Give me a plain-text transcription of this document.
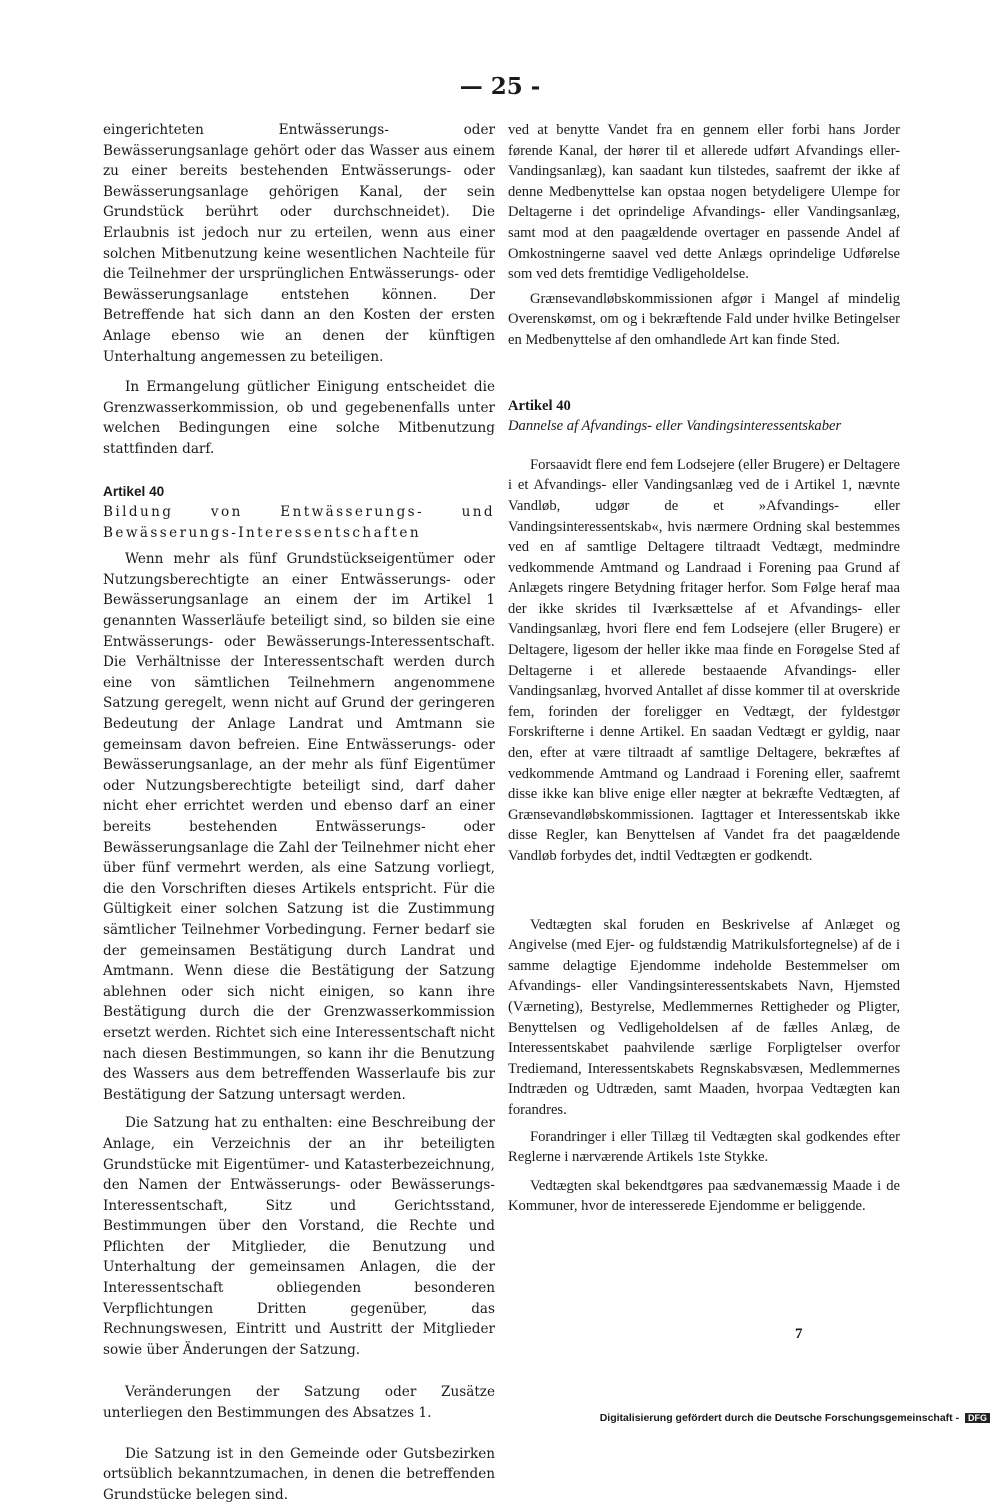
— 25 -

eingerichteten Entwässerungs- oder Bewässerungsanlage gehört oder das Wasser aus einem zu einer bereits bestehenden Entwässerungs- oder Bewässerungsanlage gehörigen Kanal, der sein Grundstück berührt oder durchschneidet). Die Erlaubnis ist jedoch nur zu erteilen, wenn aus einer solchen Mitbenutzung keine wesentlichen Nachteile für die Teilnehmer der ursprünglichen Entwässerungs- oder Bewässerungsanlage entstehen können. Der Betreffende hat sich dann an den Kosten der ersten Anlage ebenso wie an denen der künftigen Unterhaltung angemessen zu beteiligen.

In Ermangelung gütlicher Einigung entscheidet die Grenzwasserkommission, ob und gegebenenfalls unter welchen Bedingungen eine solche Mitbenutzung stattfinden darf.

Artikel 40

Bildung von Entwässerungs- und Bewässerungs-Interessentschaften

Wenn mehr als fünf Grundstückseigentümer oder Nutzungsberechtigte an einer Entwässerungs- oder Bewässerungsanlage an einem der im Artikel 1 genannten Wasserläufe beteiligt sind, so bilden sie eine Entwässerungs- oder Bewässerungs-Interessentschaft. Die Verhältnisse der Interessentschaft werden durch eine von sämtlichen Teilnehmern angenommene Satzung geregelt, wenn nicht auf Grund der geringeren Bedeutung der Anlage Landrat und Amtmann sie gemeinsam davon befreien. Eine Entwässerungs- oder Bewässerungsanlage, an der mehr als fünf Eigentümer oder Nutzungsberechtigte beteiligt sind, darf daher nicht eher errichtet werden und ebenso darf an einer bereits bestehenden Entwässerungs- oder Bewässerungsanlage die Zahl der Teilnehmer nicht eher über fünf vermehrt werden, als eine Satzung vorliegt, die den Vorschriften dieses Artikels entspricht. Für die Gültigkeit einer solchen Satzung ist die Zustimmung sämtlicher Teilnehmer Vorbedingung. Ferner bedarf sie der gemeinsamen Bestätigung durch Landrat und Amtmann. Wenn diese die Bestätigung der Satzung ablehnen oder sich nicht einigen, so kann ihre Bestätigung durch die der Grenzwasserkommission ersetzt werden. Richtet sich eine Interessentschaft nicht nach diesen Bestimmungen, so kann ihr die Benutzung des Wassers aus dem betreffenden Wasserlaufe bis zur Bestätigung der Satzung untersagt werden.

Die Satzung hat zu enthalten: eine Beschreibung der Anlage, ein Verzeichnis der an ihr beteiligten Grundstücke mit Eigentümer- und Katasterbezeichnung, den Namen der Entwässerungs- oder Bewässerungs-Interessentschaft, Sitz und Gerichtsstand, Bestimmungen über den Vorstand, die Rechte und Pflichten der Mitglieder, die Benutzung und Unterhaltung der gemeinsamen Anlagen, die der Interessentschaft obliegenden besonderen Verpflichtungen Dritten gegenüber, das Rechnungswesen, Eintritt und Austritt der Mitglieder sowie über Änderungen der Satzung.

Veränderungen der Satzung oder Zusätze unterliegen den Bestimmungen des Absatzes 1.

Die Satzung ist in den Gemeinde oder Gutsbezirken ortsüblich bekanntzumachen, in denen die betreffenden Grundstücke belegen sind.

ved at benytte Vandet fra en gennem eller forbi hans Jorder førende Kanal, der hører til et allerede udført Afvandings eller- Vandingsanlæg), kan saadant kun tilstedes, saafremt der ikke af denne Medbenyttelse kan opstaa nogen betydeligere Ulempe for Deltagerne i det oprindelige Afvandings- eller Vandingsanlæg, samt mod at den paagældende overtager en passende Andel af Omkostningerne saavel ved dette Anlægs oprindelige Udførelse som ved dets fremtidige Vedligeholdelse.

Grænsevandløbskommissionen afgør i Mangel af mindelig Overenskømst, om og i bekræftende Fald under hvilke Betingelser en Medbenyttelse af den omhandlede Art kan finde Sted.

Artikel 40

Dannelse af Afvandings- eller Vandingsinteressentskaber

Forsaavidt flere end fem Lodsejere (eller Brugere) er Deltagere i et Afvandings- eller Vandingsanlæg ved de i Artikel 1, nævnte Vandløb, udgør de et »Afvandings- eller Vandingsinteressentskab«, hvis nærmere Ordning skal bestemmes ved en af samtlige Deltagere tiltraadt Vedtægt, medmindre vedkommende Amtmand og Landraad i Forening paa Grund af Anlægets ringere Betydning fritager herfor. Som Følge heraf maa der ikke skrides til Iværksættelse af et Afvandings- eller Vandingsanlæg, hvori flere end fem Lodsejere (eller Brugere) er Deltagere, ligesom der heller ikke maa finde en Forøgelse Sted af Deltagerne i et allerede bestaaende Afvandings- eller Vandingsanlæg, hvorved Antallet af disse kommer til at overskride fem, forinden der foreligger en Vedtægt, der fyldestgør Forskrifterne i denne Artikel. En saadan Vedtægt er gyldig, naar den, efter at være tiltraadt af samtlige Deltagere, bekræftes af vedkommende Amtmand og Landraad i Forening eller, saafremt disse ikke kan blive enige eller nægter at bekræfte Vedtægten, af Grænsevandløbskommissionen. Iagttager et Interessentskab ikke disse Regler, kan Benyttelsen af Vandet fra det paagældende Vandløb forbydes det, indtil Vedtægten er godkendt.

Vedtægten skal foruden en Beskrivelse af Anlæget og Angivelse (med Ejer- og fuldstændig Matrikulsfortegnelse) af de i samme delagtige Ejendomme indeholde Bestemmelser om Afvandings- eller Vandingsinteressentskabets Navn, Hjemsted (Værneting), Bestyrelse, Medlemmernes Rettigheder og Pligter, Benyttelsen og Vedligeholdelsen af de fælles Anlæg, de Interessentskabet paahvilende særlige Forpligtelser overfor Trediemand, Interessentskabets Regnskabsvæsen, Medlemmernes Indtræden og Udtræden, samt Maaden, hvorpaa Vedtægten kan forandres.

Forandringer i eller Tillæg til Vedtægten skal godkendes efter Reglerne i nærværende Artikels 1ste Stykke.

Vedtægten skal bekendtgøres paa sædvanemæssig Maade i de Kommuner, hvor de interesserede Ejendomme er beliggende.

7
Digitalisierung gefördert durch die Deutsche Forschungsgemeinschaft - DFG
